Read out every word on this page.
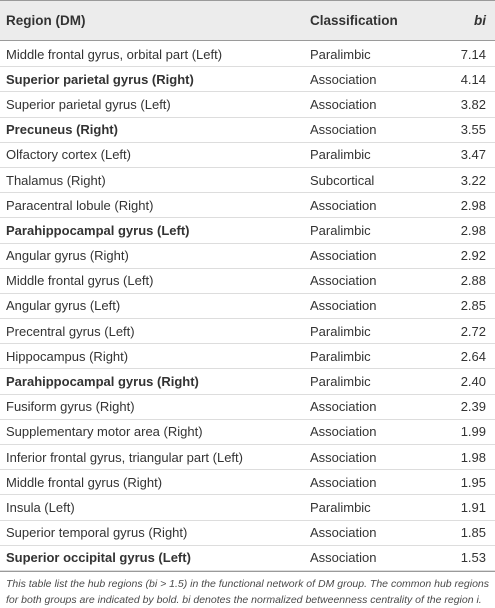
Region (DM)	Classification	bi
Middle frontal gyrus, orbital part (Left)	Paralimbic	7.14
Superior parietal gyrus (Right)	Association	4.14
Superior parietal gyrus (Left)	Association	3.82
Precuneus (Right)	Association	3.55
Olfactory cortex (Left)	Paralimbic	3.47
Thalamus (Right)	Subcortical	3.22
Paracentral lobule (Right)	Association	2.98
Parahippocampal gyrus (Left)	Paralimbic	2.98
Angular gyrus (Right)	Association	2.92
Middle frontal gyrus (Left)	Association	2.88
Angular gyrus (Left)	Association	2.85
Precentral gyrus (Left)	Paralimbic	2.72
Hippocampus (Right)	Paralimbic	2.64
Parahippocampal gyrus (Right)	Paralimbic	2.40
Fusiform gyrus (Right)	Association	2.39
Supplementary motor area (Right)	Association	1.99
Inferior frontal gyrus, triangular part (Left)	Association	1.98
Middle frontal gyrus (Right)	Association	1.95
Insula (Left)	Paralimbic	1.91
Superior temporal gyrus (Right)	Association	1.85
Superior occipital gyrus (Left)	Association	1.53
This table list the hub regions (bi > 1.5) in the functional network of DM group. The common hub regions for both groups are indicated by bold. bi denotes the normalized betweenness centrality of the region i.
